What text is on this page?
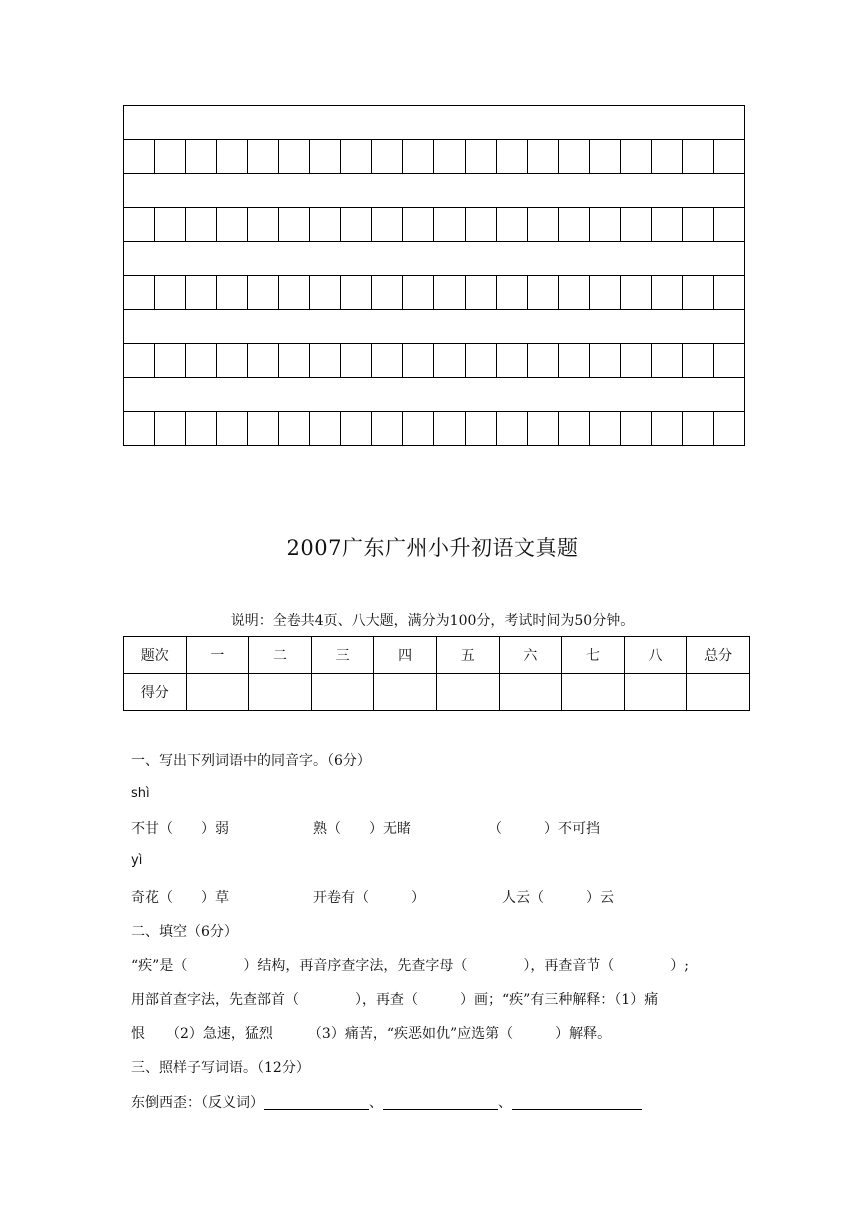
2007广东广州小升初语文真题
说明：全卷共4页、八大题，满分为100分，考试时间为50分钟。
题次	一	二	三	四	五	六	七	八	总分
得分									
一、写出下列词语中的同音字。（6分）
shì
不甘（　　）弱　　　　　　熟（　　）无睹　　　　　　（　　　）不可挡
yì
奇花（　　）草　　　　　　开卷有（　　　）　　　　　　人云（　　　）云
二、填空（6分）
“疾”是（　　　　）结构，再音序查字法，先查字母（　　　　），再查音节（　　　　）;
用部首查字法，先查部首（　　　　），再查（　　　）画；“疾”有三种解释：（1）痛
恨　　（2）急速，猛烈　　　（3）痛苦，“疾恶如仇”应选第（　　　）解释。
三、照样子写词语。（12分）
东倒西歪：（反义词）	、	、
